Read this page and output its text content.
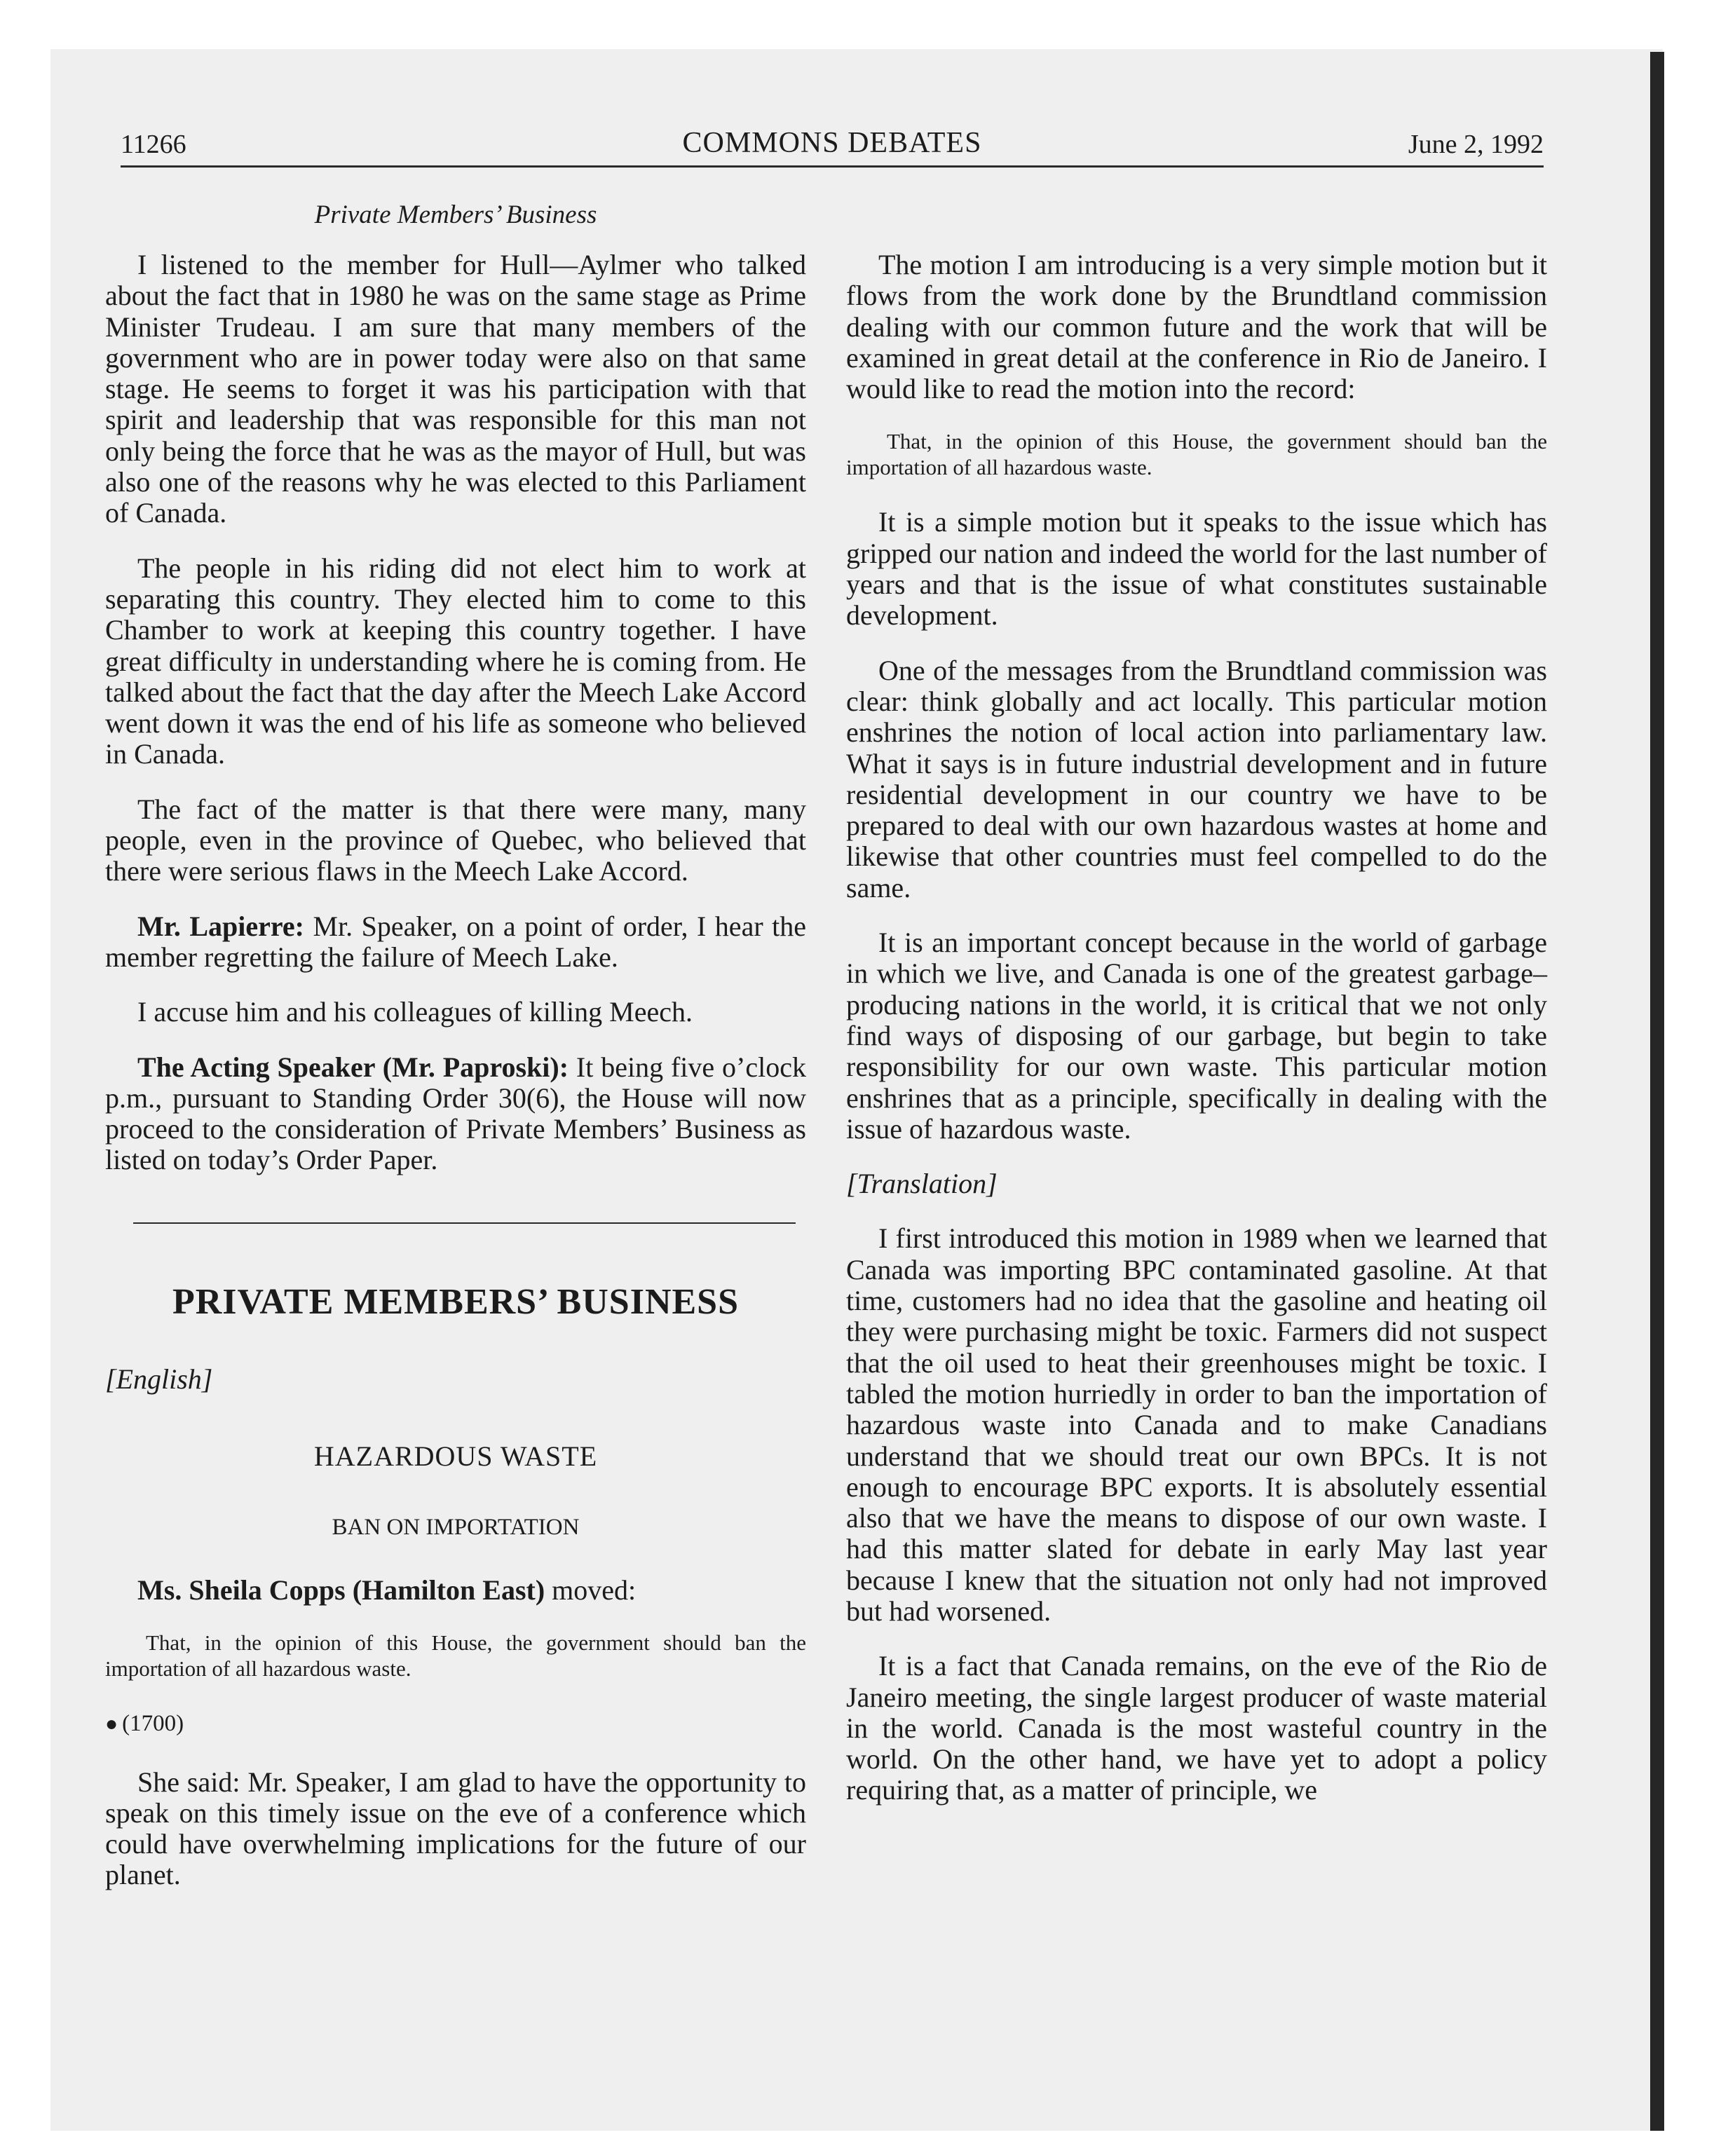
11266	COMMONS DEBATES	June 2, 1992
Private Members’ Business

I listened to the member for Hull—Aylmer who talked about the fact that in 1980 he was on the same stage as Prime Minister Trudeau. I am sure that many members of the government who are in power today were also on that same stage. He seems to forget it was his participation with that spirit and leadership that was responsible for this man not only being the force that he was as the mayor of Hull, but was also one of the reasons why he was elected to this Parliament of Canada.

The people in his riding did not elect him to work at separating this country. They elected him to come to this Chamber to work at keeping this country together. I have great difficulty in understanding where he is coming from. He talked about the fact that the day after the Meech Lake Accord went down it was the end of his life as someone who believed in Canada.

The fact of the matter is that there were many, many people, even in the province of Quebec, who believed that there were serious flaws in the Meech Lake Accord.

Mr. Lapierre: Mr. Speaker, on a point of order, I hear the member regretting the failure of Meech Lake.

I accuse him and his colleagues of killing Meech.

The Acting Speaker (Mr. Paproski): It being five o’clock p.m., pursuant to Standing Order 30(6), the House will now proceed to the consideration of Private Members’ Business as listed on today’s Order Paper.

PRIVATE MEMBERS’ BUSINESS
[English]
HAZARDOUS WASTE
BAN ON IMPORTATION

Ms. Sheila Copps (Hamilton East) moved:

That, in the opinion of this House, the government should ban the importation of all hazardous waste.
● (1700)

She said: Mr. Speaker, I am glad to have the opportunity to speak on this timely issue on the eve of a conference which could have overwhelming implications for the future of our planet.

The motion I am introducing is a very simple motion but it flows from the work done by the Brundtland commission dealing with our common future and the work that will be examined in great detail at the conference in Rio de Janeiro. I would like to read the motion into the record:

That, in the opinion of this House, the government should ban the importation of all hazardous waste.

It is a simple motion but it speaks to the issue which has gripped our nation and indeed the world for the last number of years and that is the issue of what constitutes sustainable development.

One of the messages from the Brundtland commission was clear: think globally and act locally. This particular motion enshrines the notion of local action into parliamentary law. What it says is in future industrial development and in future residential development in our country we have to be prepared to deal with our own hazardous wastes at home and likewise that other countries must feel compelled to do the same.

It is an important concept because in the world of garbage in which we live, and Canada is one of the greatest garbage–producing nations in the world, it is critical that we not only find ways of disposing of our garbage, but begin to take responsibility for our own waste. This particular motion enshrines that as a principle, specifically in dealing with the issue of hazardous waste.

[Translation]

I first introduced this motion in 1989 when we learned that Canada was importing BPC contaminated gasoline. At that time, customers had no idea that the gasoline and heating oil they were purchasing might be toxic. Farmers did not suspect that the oil used to heat their greenhouses might be toxic. I tabled the motion hurriedly in order to ban the importation of hazardous waste into Canada and to make Canadians understand that we should treat our own BPCs. It is not enough to encourage BPC exports. It is absolutely essential also that we have the means to dispose of our own waste. I had this matter slated for debate in early May last year because I knew that the situation not only had not improved but had worsened.

It is a fact that Canada remains, on the eve of the Rio de Janeiro meeting, the single largest producer of waste material in the world. Canada is the most wasteful country in the world. On the other hand, we have yet to adopt a policy requiring that, as a matter of principle, we
